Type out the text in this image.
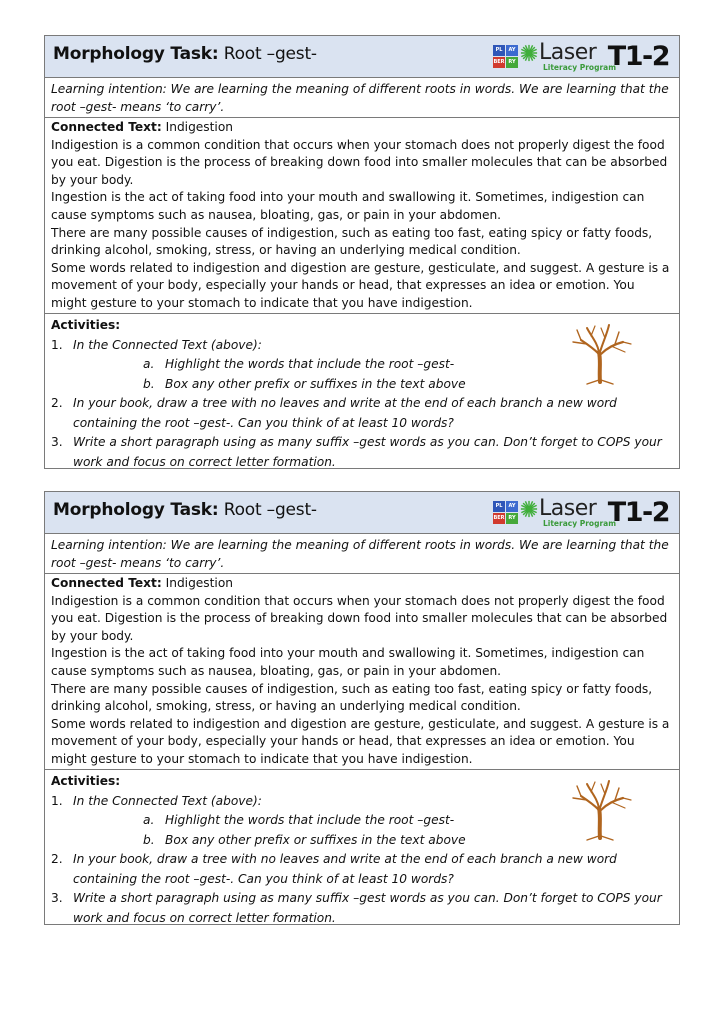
Morphology Task: Root –gest-	PL	AY
BER RY Laser
Literacy Program
T1-2
Learning intention: We are learning the meaning of different roots in words. We are learning that the root –gest- means ‘to carry’.

Connected Text: Indigestion

Indigestion is a common condition that occurs when your stomach does not properly digest the food you eat. Digestion is the process of breaking down food into smaller molecules that can be absorbed by your body.

Ingestion is the act of taking food into your mouth and swallowing it. Sometimes, indigestion can cause symptoms such as nausea, bloating, gas, or pain in your abdomen.

There are many possible causes of indigestion, such as eating too fast, eating spicy or fatty foods, drinking alcohol, smoking, stress, or having an underlying medical condition.

Some words related to indigestion and digestion are gesture, gesticulate, and suggest. A gesture is a movement of your body, especially your hands or head, that expresses an idea or emotion. You might gesture to your stomach to indicate that you have indigestion.

Activities:
1. In the Connected Text (above):
a. Highlight the words that include the root –gest-
b. Box any other prefix or suffixes in the text above
2. In your book, draw a tree with no leaves and write at the end of each branch a new word containing the root –gest-. Can you think of at least 10 words?
3. Write a short paragraph using as many suffix –gest words as you can. Don’t forget to COPS your work and focus on correct letter formation.
Morphology Task: Root –gest-	PL	AY
BER RY Laser
Literacy Program
T1-2
Learning intention: We are learning the meaning of different roots in words. We are learning that the root –gest- means ‘to carry’.

Connected Text: Indigestion

Indigestion is a common condition that occurs when your stomach does not properly digest the food you eat. Digestion is the process of breaking down food into smaller molecules that can be absorbed by your body.

Ingestion is the act of taking food into your mouth and swallowing it. Sometimes, indigestion can cause symptoms such as nausea, bloating, gas, or pain in your abdomen.

There are many possible causes of indigestion, such as eating too fast, eating spicy or fatty foods, drinking alcohol, smoking, stress, or having an underlying medical condition.

Some words related to indigestion and digestion are gesture, gesticulate, and suggest. A gesture is a movement of your body, especially your hands or head, that expresses an idea or emotion. You might gesture to your stomach to indicate that you have indigestion.

Activities:
1. In the Connected Text (above):
a. Highlight the words that include the root –gest-
b. Box any other prefix or suffixes in the text above
2. In your book, draw a tree with no leaves and write at the end of each branch a new word containing the root –gest-. Can you think of at least 10 words?
3. Write a short paragraph using as many suffix –gest words as you can. Don’t forget to COPS your work and focus on correct letter formation.
